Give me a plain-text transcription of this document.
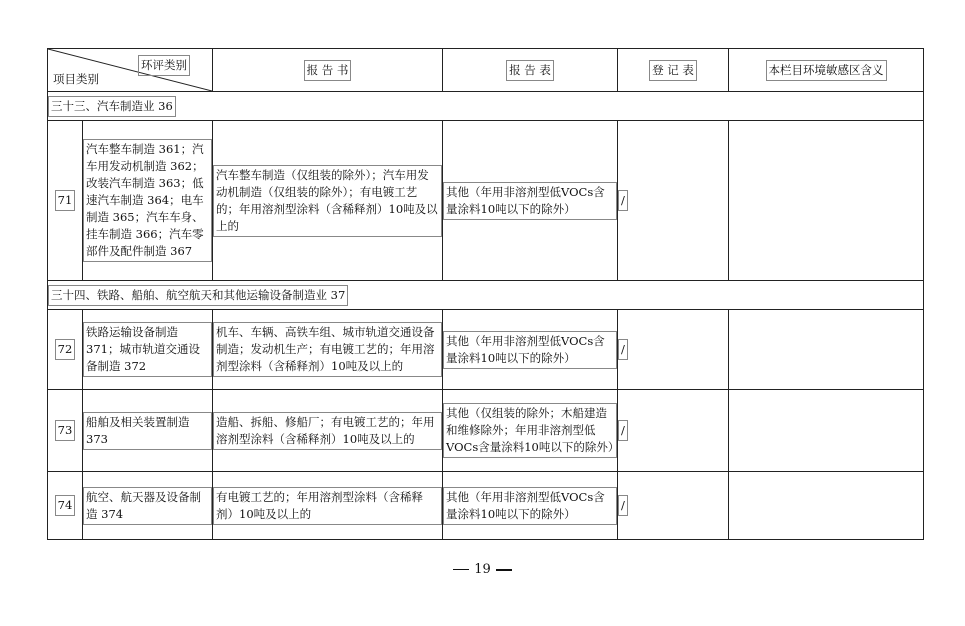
环评类别
项目类别		报 告 书	报 告 表	登 记 表	本栏目环境敏感区含义
三十三、汽车制造业 36					
71	汽车整车制造 361；汽车用发动机制造 362；改装汽车制造 363；低速汽车制造 364；电车制造 365；汽车车身、挂车制造 366；汽车零部件及配件制造 367	汽车整车制造（仅组装的除外）；汽车用发动机制造（仅组装的除外）；有电镀工艺的；年用溶剂型涂料（含稀释剂）10吨及以上的	其他（年用非溶剂型低VOCs含量涂料10吨以下的除外）	/	
三十四、铁路、船舶、航空航天和其他运输设备制造业 37					
72	铁路运输设备制造 371；城市轨道交通设备制造 372	机车、车辆、高铁车组、城市轨道交通设备制造；发动机生产；有电镀工艺的；年用溶剂型涂料（含稀释剂）10吨及以上的	其他（年用非溶剂型低VOCs含量涂料10吨以下的除外）	/	
73	船舶及相关装置制造 373	造船、拆船、修船厂；有电镀工艺的；年用溶剂型涂料（含稀释剂）10吨及以上的	其他（仅组装的除外；木船建造和维修除外；年用非溶剂型低VOCs含量涂料10吨以下的除外）	/	
74	航空、航天器及设备制造 374	有电镀工艺的；年用溶剂型涂料（含稀释剂）10吨及以上的	其他（年用非溶剂型低VOCs含量涂料10吨以下的除外）	/	
19
